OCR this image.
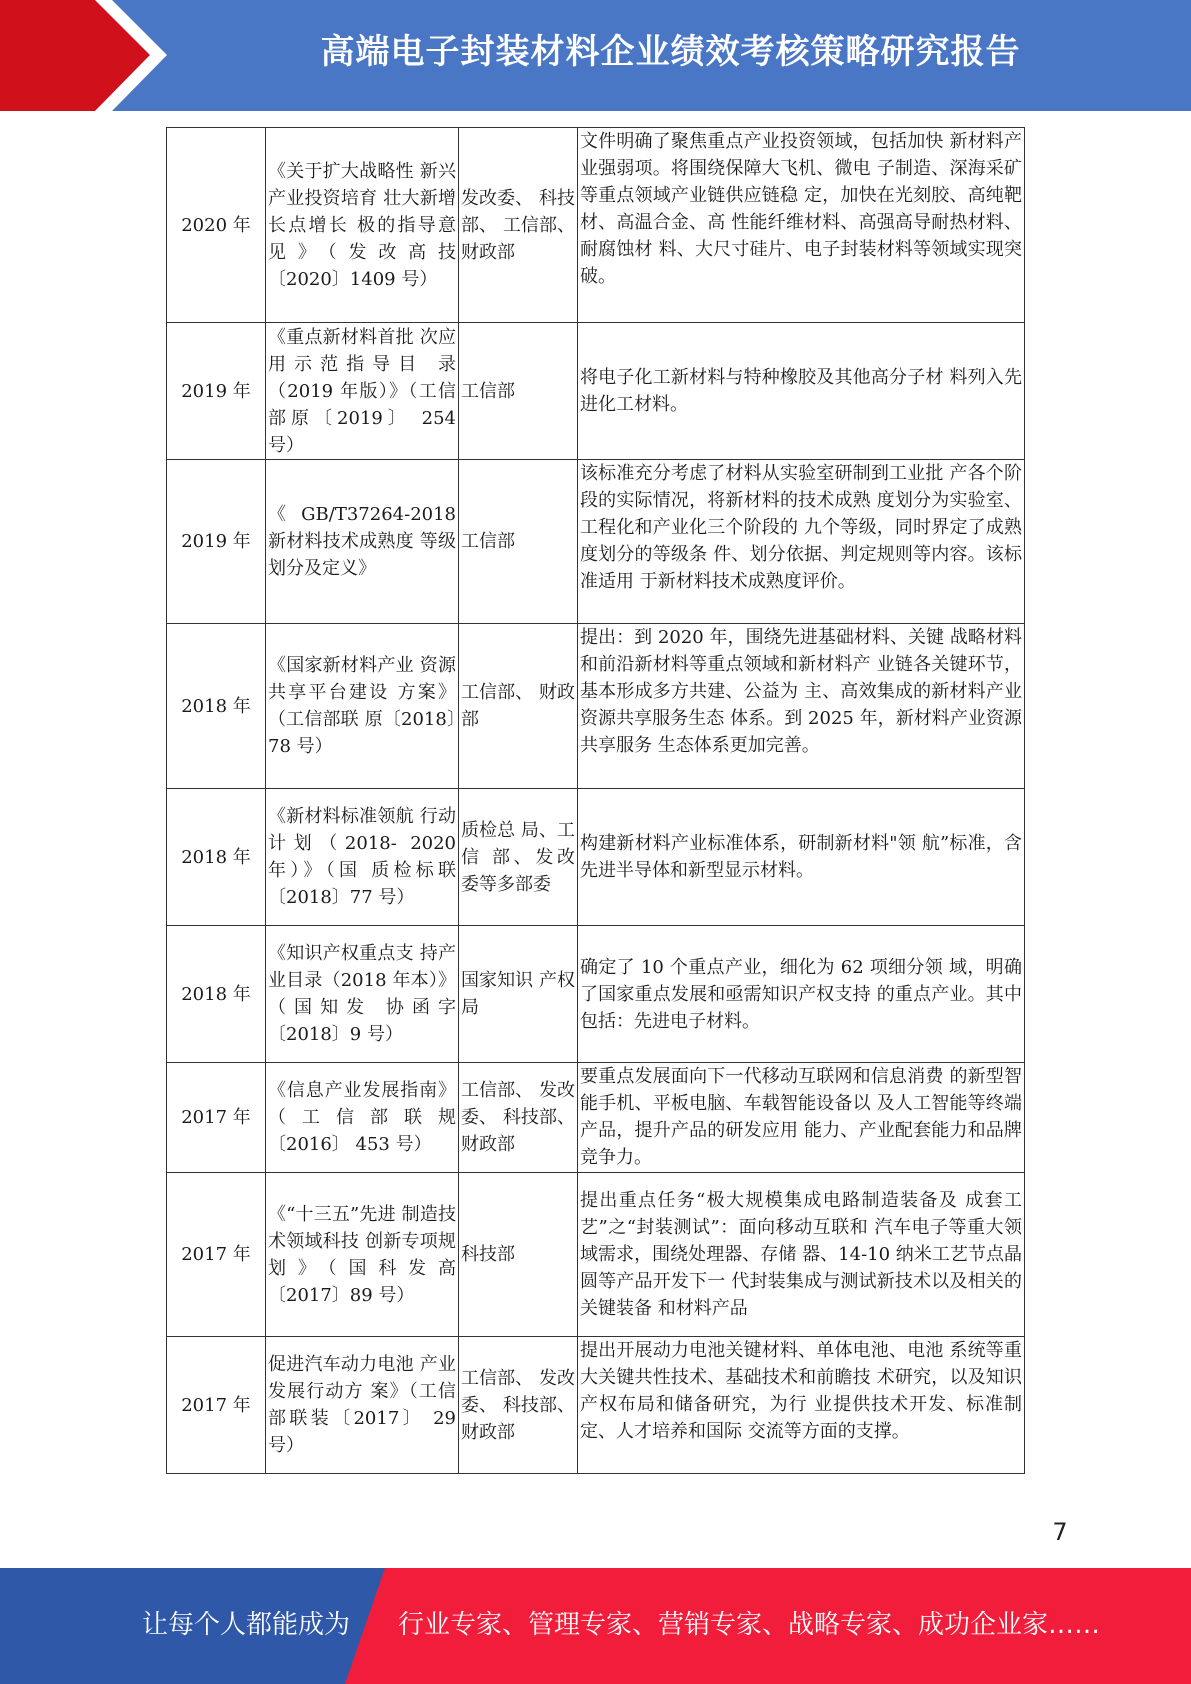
高端电子封装材料企业绩效考核策略研究报告
2020 年	《关于扩大战略性 新兴产业投资培育 壮大新增长点增长 极的指导意见》（发改高技〔2020〕1409 号）	发改委、 科技部、 工信部、 财政部	文件明确了聚焦重点产业投资领域，包括加快 新材料产业强弱项。将围绕保障大飞机、微电 子制造、深海采矿等重点领域产业链供应链稳 定，加快在光刻胶、高纯靶材、高温合金、高 性能纤维材料、高强高导耐热材料、耐腐蚀材 料、大尺寸硅片、电子封装材料等领域实现突 破。
2019 年	《重点新材料首批 次应用示范指导目 录（2019 年版）》（工信部原〔2019〕 254 号）	工信部	将电子化工新材料与特种橡胶及其他高分子材 料列入先进化工材料。
2019 年	《GB/T37264-2018 新材料技术成熟度 等级划分及定义》	工信部	该标准充分考虑了材料从实验室研制到工业批 产各个阶段的实际情况，将新材料的技术成熟 度划分为实验室、工程化和产业化三个阶段的 九个等级，同时界定了成熟度划分的等级条 件、划分依据、判定规则等内容。该标准适用 于新材料技术成熟度评价。
2018 年	《国家新材料产业 资源共享平台建设 方案》（工信部联 原〔2018〕78 号）	工信部、 财政部	提出：到 2020 年，围绕先进基础材料、关键 战略材料和前沿新材料等重点领域和新材料产 业链各关键环节，基本形成多方共建、公益为 主、高效集成的新材料产业资源共享服务生态 体系。到 2025 年，新材料产业资源共享服务 生态体系更加完善。
2018 年	《新材料标准领航 行动计划（2018- 2020 年）》（国 质检标联〔2018〕77 号）	质检总 局、工信 部、发改 委等多部委	构建新材料产业标准体系，研制新材料"领 航”标准，含先进半导体和新型显示材料。
2018 年	《知识产权重点支 持产业目录（2018 年本）》（国知发 协函字〔2018〕9 号）	国家知识 产权局	确定了 10 个重点产业，细化为 62 项细分领 域，明确了国家重点发展和亟需知识产权支持 的重点产业。其中包括：先进电子材料。
2017 年	《信息产业发展指南》（工信部联规〔2016〕 453 号）	工信部、 发改委、 科技部、 财政部	要重点发展面向下一代移动互联网和信息消费 的新型智能手机、平板电脑、车载智能设备以 及人工智能等终端产品，提升产品的研发应用 能力、产业配套能力和品牌竞争力。
2017 年	《“十三五”先进 制造技术领域科技 创新专项规划》（国科发高〔2017〕89 号）	科技部	提出重点任务“极大规模集成电路制造装备及 成套工艺”之“封装测试”：面向移动互联和 汽车电子等重大领域需求，围绕处理器、存储 器、14-10 纳米工艺节点晶圆等产品开发下一 代封装集成与测试新技术以及相关的关键装备 和材料产品
2017 年	促进汽车动力电池 产业发展行动方 案》（工信部联装〔2017〕 29 号）	工信部、 发改委、 科技部、 财政部	提出开展动力电池关键材料、单体电池、电池 系统等重大关键共性技术、基础技术和前瞻技 术研究，以及知识产权布局和储备研究，为行 业提供技术开发、标准制定、人才培养和国际 交流等方面的支撑。
7
让每个人都能成为 行业专家、管理专家、营销专家、战略专家、成功企业家……
